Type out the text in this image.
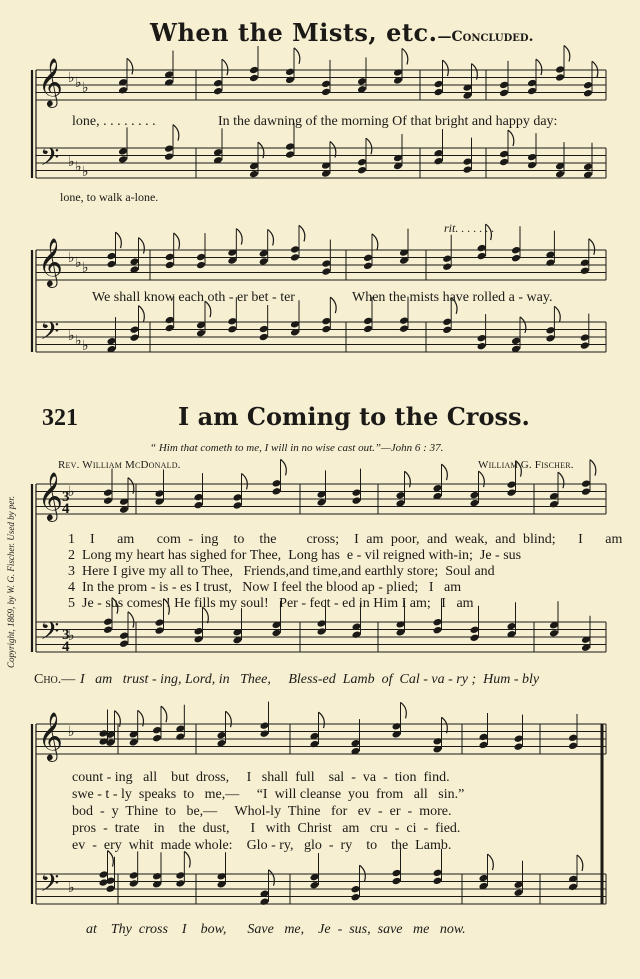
When the Mists, etc.—Concluded.
𝄞
𝄢
♭
♭
♭
♭
♭
♭
𝄞
𝄢
♭
♭
♭
♭
♭
♭
𝄞
𝄢
♭
♭
3
4
3
4
𝄞
𝄢
♭
♭
lone, . . . . . . . .	In the dawning of the morning Of that bright and happy day:
lone, to walk a-lone.
rit. . . . . . .
We shall know each oth - er bet - ter	When the mists have rolled a - way.
321	I am Coming to the Cross.
“ Him that cometh to me, I will in no wise cast out.”—John 6 : 37.
Rev. William McDonald.	William G. Fischer.
Copyright, 1869, by W. G. Fischer. Used by per.	1 I am com - ing to the cross; I am poor, and weak, and blind; I am
2 Long my heart has sighed for Thee, Long has e - vil reigned with-in; Je - sus
3 Here I give my all to Thee, Friends,and time,and earthly store; Soul and
4 In the prom - is - es I trust, Now I feel the blood ap - plied; I am
5 Je - sus comes ! He fills my soul! Per - fect - ed in Him I am; I am
Cho.— I   am   trust - ing, Lord, in   Thee,     Bless-ed  Lamb  of  Cal - va - ry ;  Hum - bly
count - ing   all    but  dross,     I   shall  full    sal  -  va  -  tion  find.
swe - t - ly  speaks  to   me,—     “I  will cleanse  you  from   all   sin.”
bod  -  y  Thine  to   be,—     Whol-ly  Thine   for   ev  -  er  -  more.
pros  -  trate    in    the  dust,      I   with  Christ   am   cru  -  ci  -  fied.
ev  -  ery  whit  made whole:    Glo - ry,   glo  -  ry    to    the  Lamb.
at    Thy  cross    I    bow,      Save   me,    Je  -  sus,  save   me   now.
